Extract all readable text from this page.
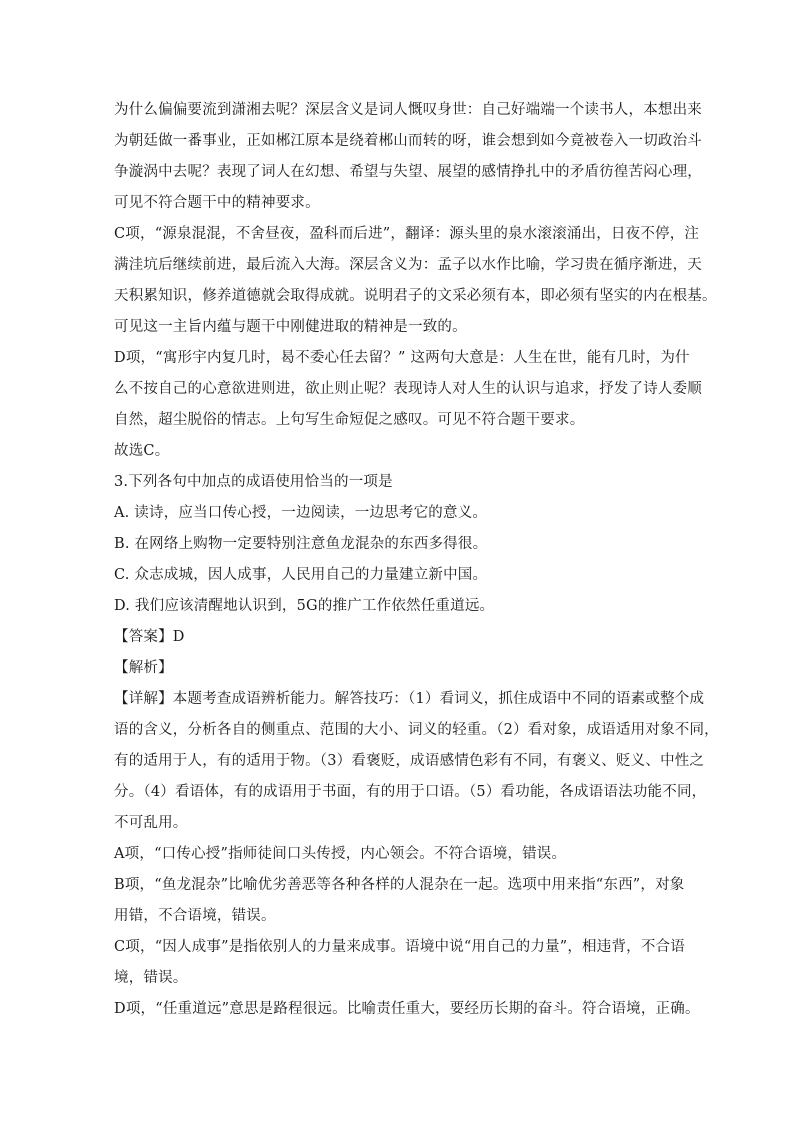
为什么偏偏要流到潇湘去呢？深层含义是词人慨叹身世：自己好端端一个读书人，本想出来
为朝廷做一番事业，正如郴江原本是绕着郴山而转的呀，谁会想到如今竟被卷入一切政治斗
争漩涡中去呢？表现了词人在幻想、希望与失望、展望的感情挣扎中的矛盾彷徨苦闷心理，
可见不符合题干中的精神要求。
C项，“源泉混混，不舍昼夜，盈科而后进”，翻译：源头里的泉水滚滚涌出，日夜不停，注
满洼坑后继续前进，最后流入大海。深层含义为：孟子以水作比喻，学习贵在循序渐进，天
天积累知识，修养道德就会取得成就。说明君子的文采必须有本，即必须有坚实的内在根基。
可见这一主旨内蕴与题干中刚健进取的精神是一致的。
D项，“寓形宇内复几时，曷不委心任去留？” 这两句大意是：人生在世，能有几时，为什
么不按自己的心意欲进则进，欲止则止呢？表现诗人对人生的认识与追求，抒发了诗人委顺
自然，超尘脱俗的情志。上句写生命短促之感叹。可见不符合题干要求。
故选C。
3.下列各句中加点的成语使用恰当的一项是
A. 读诗，应当口传心授，一边阅读，一边思考它的意义。
B. 在网络上购物一定要特别注意鱼龙混杂的东西多得很。
C. 众志成城，因人成事，人民用自己的力量建立新中国。
D. 我们应该清醒地认识到，5G的推广工作依然任重道远。
【答案】D
【解析】
【详解】本题考查成语辨析能力。解答技巧：（1）看词义，抓住成语中不同的语素或整个成
语的含义，分析各自的侧重点、范围的大小、词义的轻重。（2）看对象，成语适用对象不同，
有的适用于人，有的适用于物。（3）看褒贬，成语感情色彩有不同，有褒义、贬义、中性之
分。（4）看语体，有的成语用于书面，有的用于口语。（5）看功能，各成语语法功能不同，
不可乱用。
A项，“口传心授”指师徒间口头传授，内心领会。不符合语境，错误。
B项，“鱼龙混杂”比喻优劣善恶等各种各样的人混杂在一起。选项中用来指“东西”，对象
用错，不合语境，错误。
C项，“因人成事”是指依别人的力量来成事。语境中说“用自己的力量”，相违背，不合语
境，错误。
D项，“任重道远”意思是路程很远。比喻责任重大，要经历长期的奋斗。符合语境，正确。
